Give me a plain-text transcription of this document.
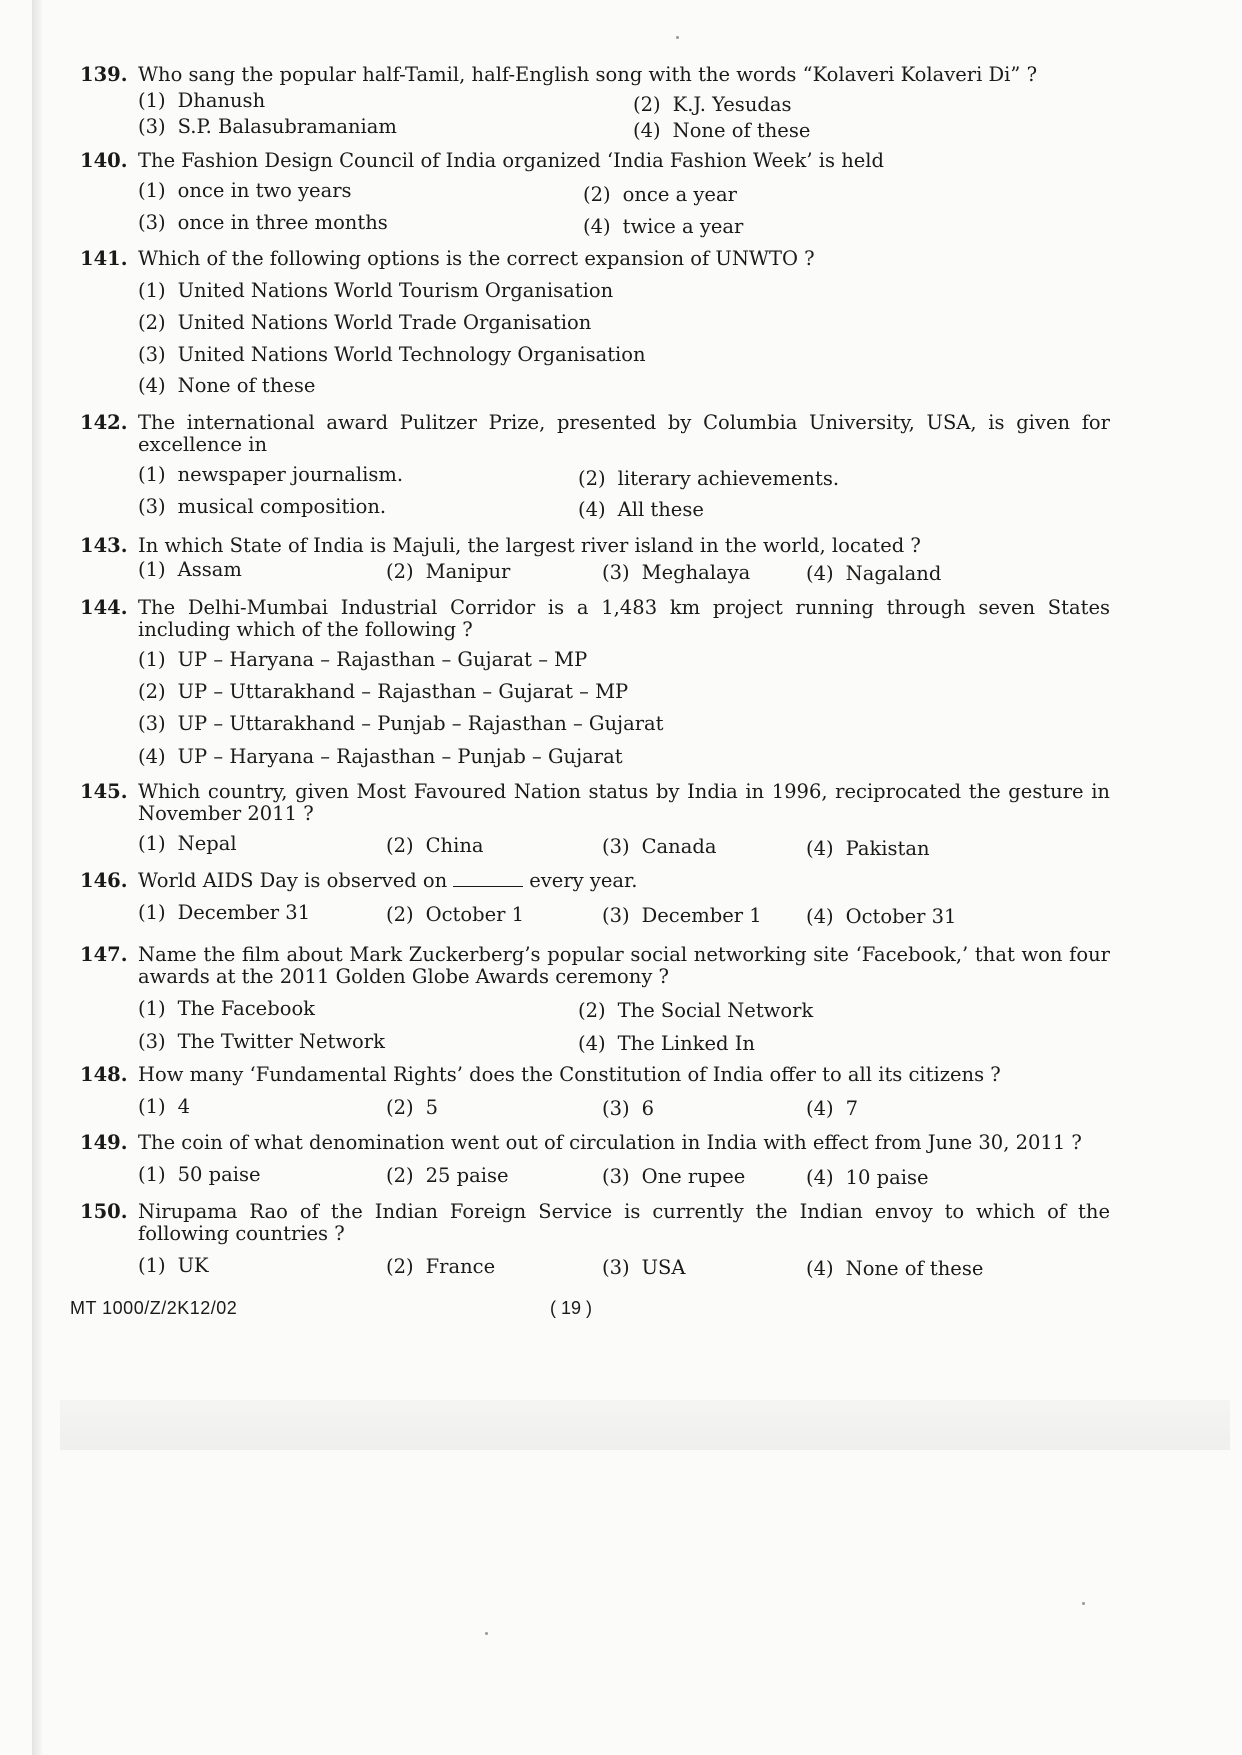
139. Who sang the popular half-Tamil, half-English song with the words “Kolaveri Kolaveri Di” ?
(1) Dhanush	(2) K.J. Yesudas
(3) S.P. Balasubramaniam	(4) None of these
140. The Fashion Design Council of India organized ‘India Fashion Week’ is held
(1) once in two years	(2) once a year
(3) once in three months	(4) twice a year
141. Which of the following options is the correct expansion of UNWTO ?
(1) United Nations World Tourism Organisation
(2) United Nations World Trade Organisation
(3) United Nations World Technology Organisation
(4) None of these
142. The international award Pulitzer Prize, presented by Columbia University, USA, is given for excellence in
(1) newspaper journalism.	(2) literary achievements.
(3) musical composition.	(4) All these
143. In which State of India is Majuli, the largest river island in the world, located ?
(1) Assam	(2) Manipur	(3) Meghalaya	(4) Nagaland
144. The Delhi-Mumbai Industrial Corridor is a 1,483 km project running through seven States including which of the following ?
(1) UP – Haryana – Rajasthan – Gujarat – MP
(2) UP – Uttarakhand – Rajasthan – Gujarat – MP
(3) UP – Uttarakhand – Punjab – Rajasthan – Gujarat
(4) UP – Haryana – Rajasthan – Punjab – Gujarat
145. Which country, given Most Favoured Nation status by India in 1996, reciprocated the gesture in November 2011 ?
(1) Nepal	(2) China	(3) Canada	(4) Pakistan
146. World AIDS Day is observed on	every year.
(1) December 31	(2) October 1	(3) December 1 (4) October 31
147. Name the film about Mark Zuckerberg’s popular social networking site ‘Facebook,’ that won four awards at the 2011 Golden Globe Awards ceremony ?
(1) The Facebook	(2) The Social Network
(3) The Twitter Network	(4) The Linked In
148. How many ‘Fundamental Rights’ does the Constitution of India offer to all its citizens ?
(1) 4	(2) 5	(3) 6	(4) 7
149. The coin of what denomination went out of circulation in India with effect from June 30, 2011 ?
(1) 50 paise	(2) 25 paise	(3) One rupee	(4) 10 paise
150. Nirupama Rao of the Indian Foreign Service is currently the Indian envoy to which of the following countries ?
(1) UK	(2) France	(3) USA	(4) None of these
MT 1000/Z/2K12/02	( 19 )
